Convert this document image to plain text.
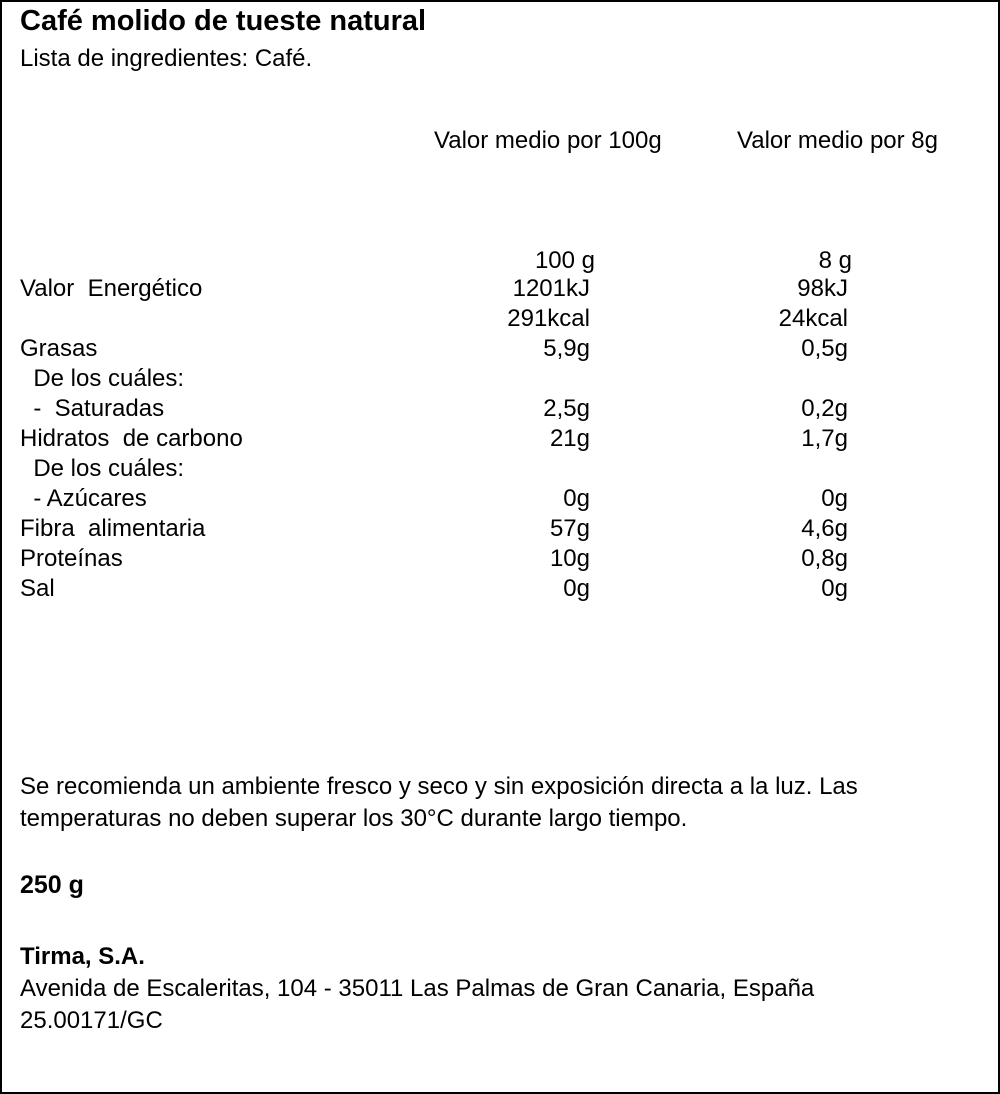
Café molido de tueste natural
Lista de ingredientes: Café.
Valor medio por 100g	Valor medio por 8g
100 g	8 g
Valor  Energético	1201kJ	98kJ
291kcal	24kcal
Grasas	5,9g	0,5g
De los cuáles:
-  Saturadas	2,5g	0,2g
Hidratos  de carbono	21g	1,7g
De los cuáles:
- Azúcares	0g	0g
Fibra  alimentaria	57g	4,6g
Proteínas	10g	0,8g
Sal	0g	0g
Se recomienda un ambiente fresco y seco y sin exposición directa a la luz. Las
temperaturas no deben superar los 30°C durante largo tiempo.
250 g
Tirma, S.A.
Avenida de Escaleritas, 104 - 35011 Las Palmas de Gran Canaria, España
25.00171/GC
